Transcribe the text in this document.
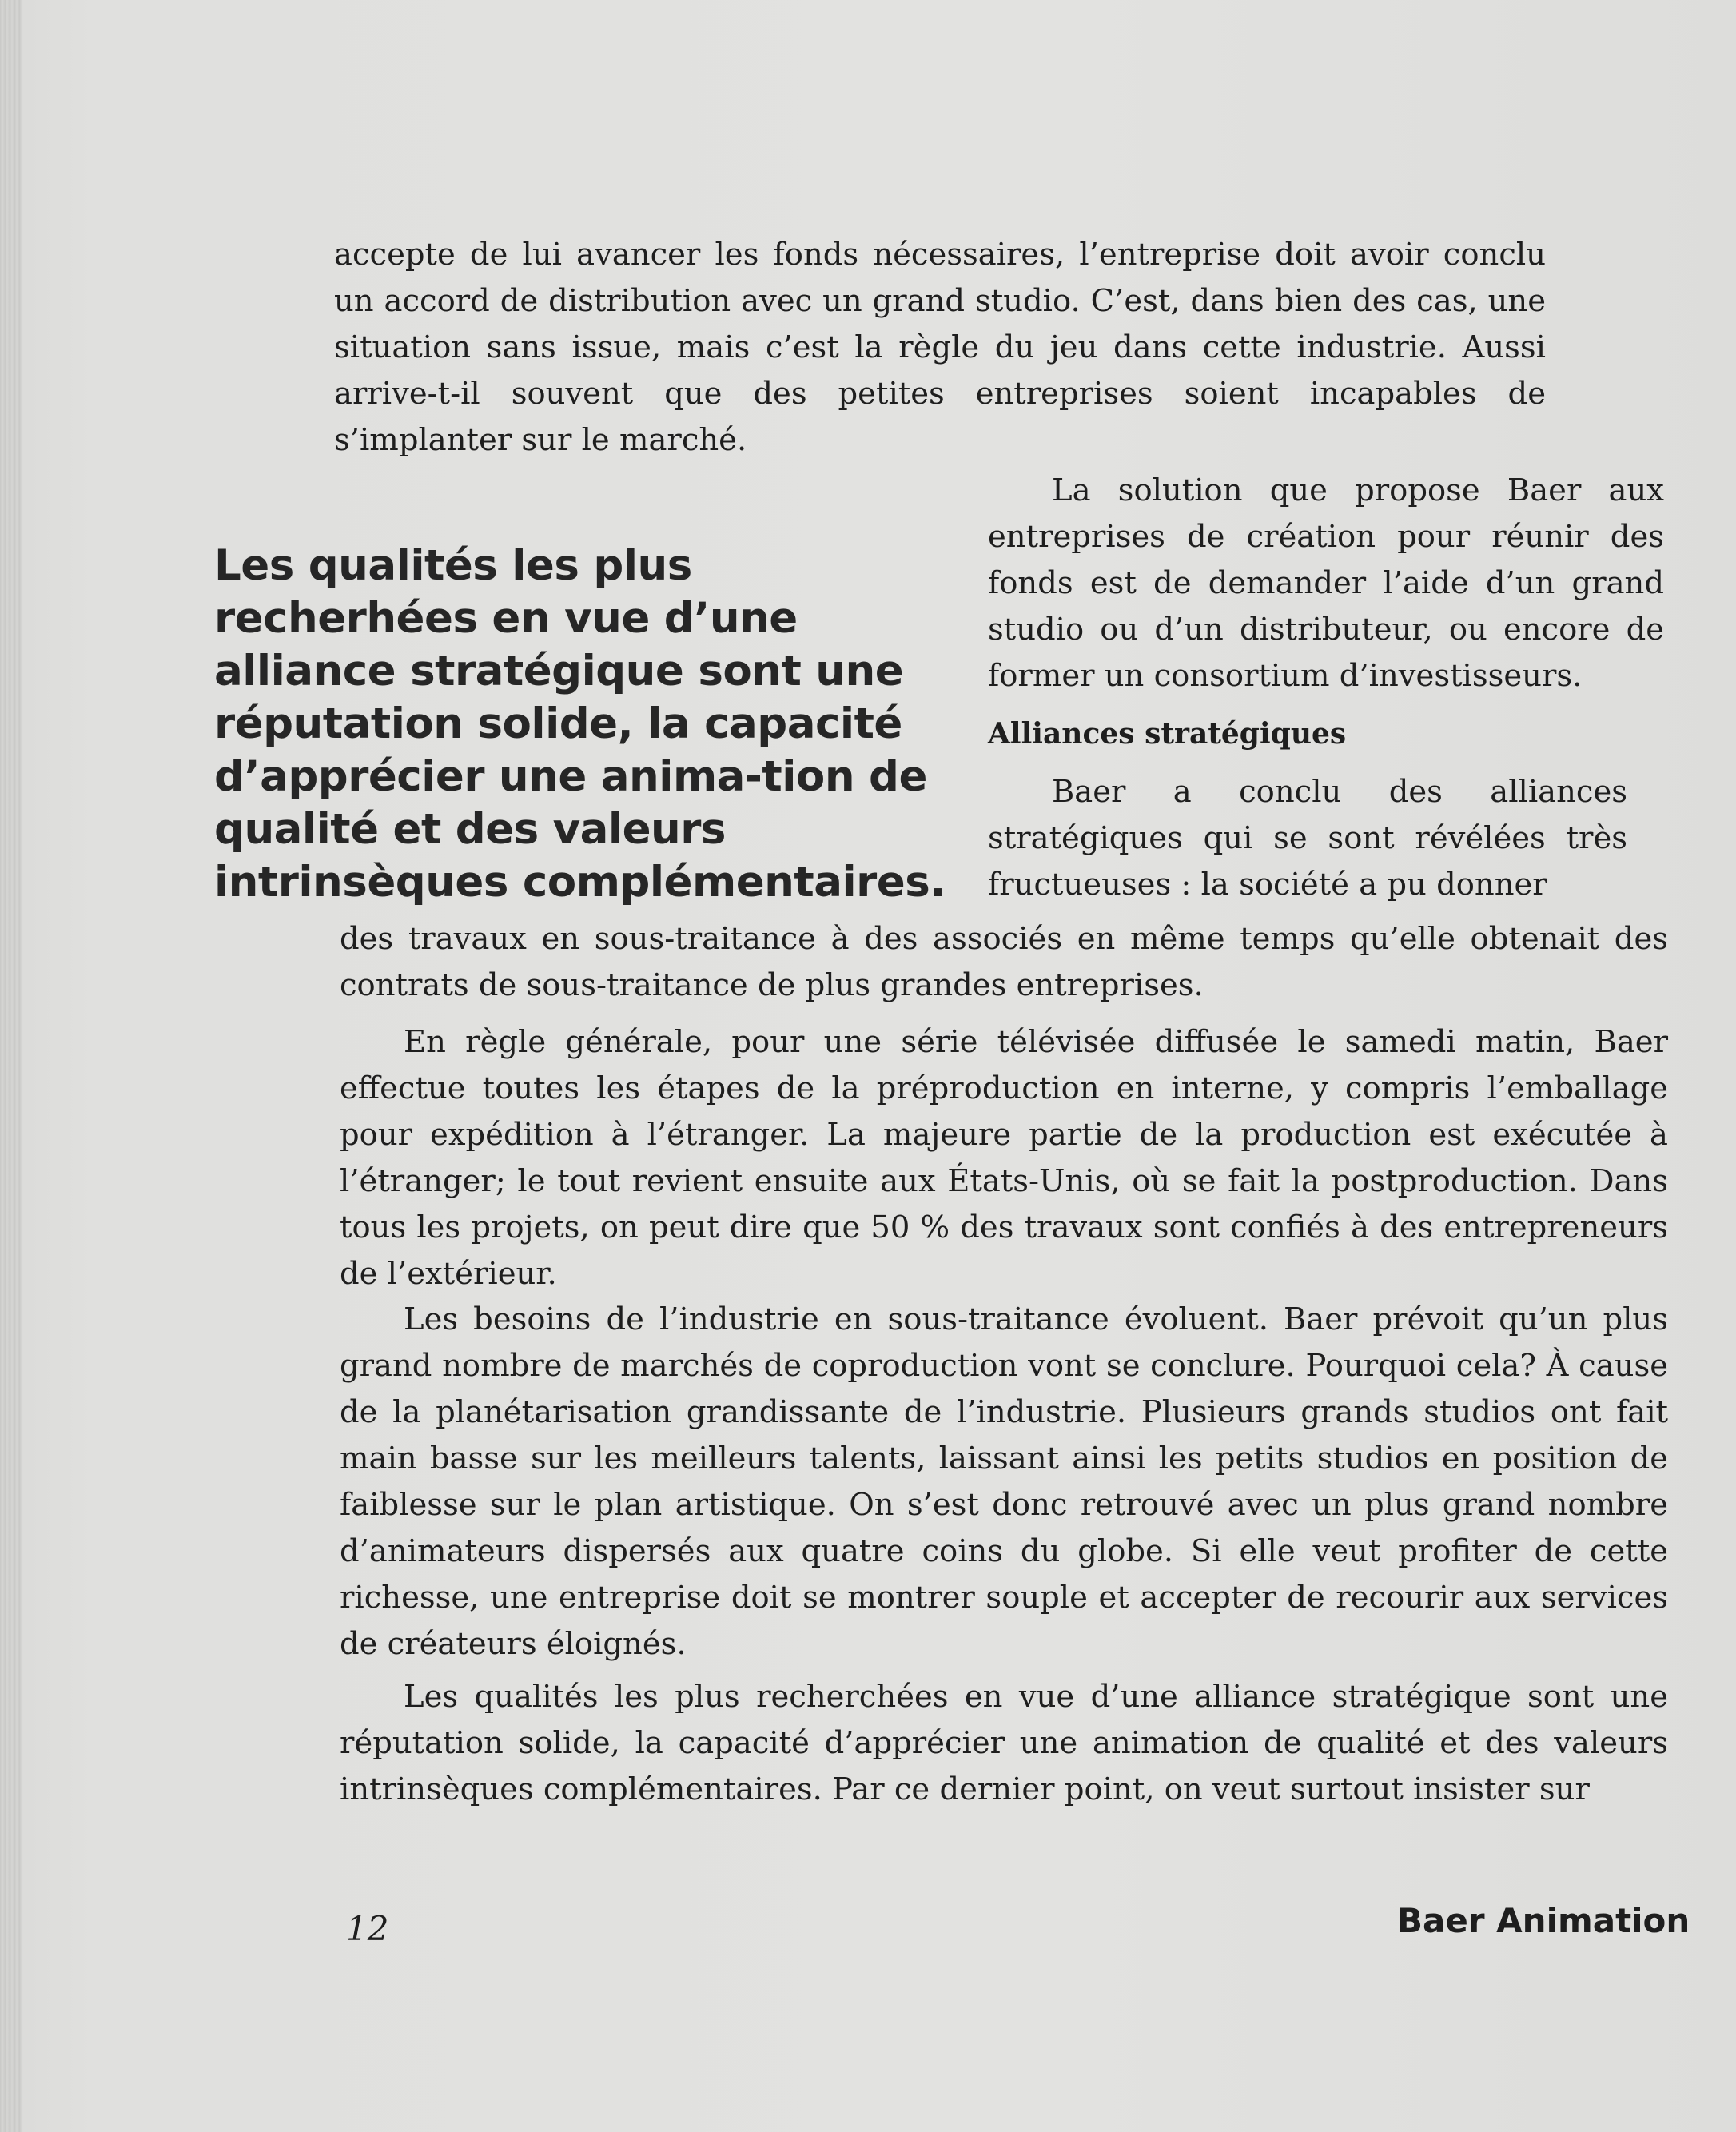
accepte de lui avancer les fonds nécessaires, l’entreprise doit avoir conclu un accord de distribution avec un grand studio. C’est, dans bien des cas, une situation sans issue, mais c’est la règle du jeu dans cette industrie. Aussi arrive-t-il souvent que des petites entreprises soient incapables de s’implanter sur le marché.

La solution que propose Baer aux entreprises de création pour réunir des fonds est de demander l’aide d’un grand studio ou d’un distributeur, ou encore de former un consortium d’investisseurs.

Les qualités les plus recherhées en vue d’une alliance stratégique sont une réputation solide, la capacité d’apprécier une anima-tion de qualité et des valeurs intrinsèques complémentaires.
Alliances stratégiques

Baer a conclu des alliances stratégiques qui se sont révélées très fructueuses : la société a pu donner

des travaux en sous-traitance à des associés en même temps qu’elle obtenait des contrats de sous-traitance de plus grandes entreprises.

En règle générale, pour une série télévisée diffusée le samedi matin, Baer effectue toutes les étapes de la préproduction en interne, y compris l’emballage pour expédition à l’étranger. La majeure partie de la production est exécutée à l’étranger; le tout revient ensuite aux États-Unis, où se fait la postproduction. Dans tous les projets, on peut dire que 50 % des travaux sont confiés à des entrepreneurs de l’extérieur.

Les besoins de l’industrie en sous-traitance évoluent. Baer prévoit qu’un plus grand nombre de marchés de coproduction vont se conclure. Pourquoi cela? À cause de la planétarisation grandissante de l’industrie. Plusieurs grands studios ont fait main basse sur les meilleurs talents, laissant ainsi les petits studios en position de faiblesse sur le plan artistique. On s’est donc retrouvé avec un plus grand nombre d’animateurs dispersés aux quatre coins du globe. Si elle veut profiter de cette richesse, une entreprise doit se montrer souple et accepter de recourir aux services de créateurs éloignés.

Les qualités les plus recherchées en vue d’une alliance stratégique sont une réputation solide, la capacité d’apprécier une animation de qualité et des valeurs intrinsèques complémentaires. Par ce dernier point, on veut surtout insister sur

12	Baer Animation
